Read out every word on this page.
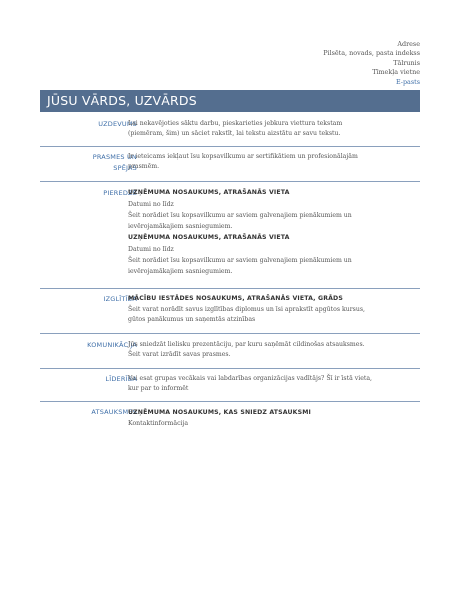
Adrese
Pilsēta, novads, pasta indekss
Tālrunis
Tīmekļa vietne
E-pasts
JŪSU VĀRDS, UZVĀRDS
UZDEVUMS

Lai nekavējoties sāktu darbu, pieskarieties jebkura viettura tekstam (piemēram, šim) un sāciet rakstīt, lai tekstu aizstātu ar savu tekstu.

PRASMES UN
SPĒJAS

Ir ieteicams iekļaut īsu kopsavilkumu ar sertifikātiem un profesionālajām prasmēm.

PIEREDZE

UZŅĒMUMA NOSAUKUMS, ATRAŠANĀS VIETA

Datumi no līdz

Šeit norādiet īsu kopsavilkumu ar saviem galvenajiem pienākumiem un ievērojamākajiem sasniegumiem.

UZŅĒMUMA NOSAUKUMS, ATRAŠANĀS VIETA

Datumi no līdz

Šeit norādiet īsu kopsavilkumu ar saviem galvenajiem pienākumiem un ievērojamākajiem sasniegumiem.

IZGLĪTĪBA

MĀCĪBU IESTĀDES NOSAUKUMS, ATRAŠANĀS VIETA, GRĀDS

Šeit varat norādīt savus izglītības diplomus un īsi aprakstīt apgūtos kursus, gūtos panākumus un saņemtās atzinības

KOMUNIKĀCIJA

Jūs sniedzāt lielisku prezentāciju, par kuru saņēmāt cildinošas atsauksmes. Šeit varat izrādīt savas prasmes.

LĪDERĪBA

Vai esat grupas vecākais vai labdarības organizācijas vadītājs? Šī ir īstā vieta, kur par to informēt

ATSAUKSMES

UZŅĒMUMA NOSAUKUMS, KAS SNIEDZ ATSAUKSMI

Kontaktinformācija
